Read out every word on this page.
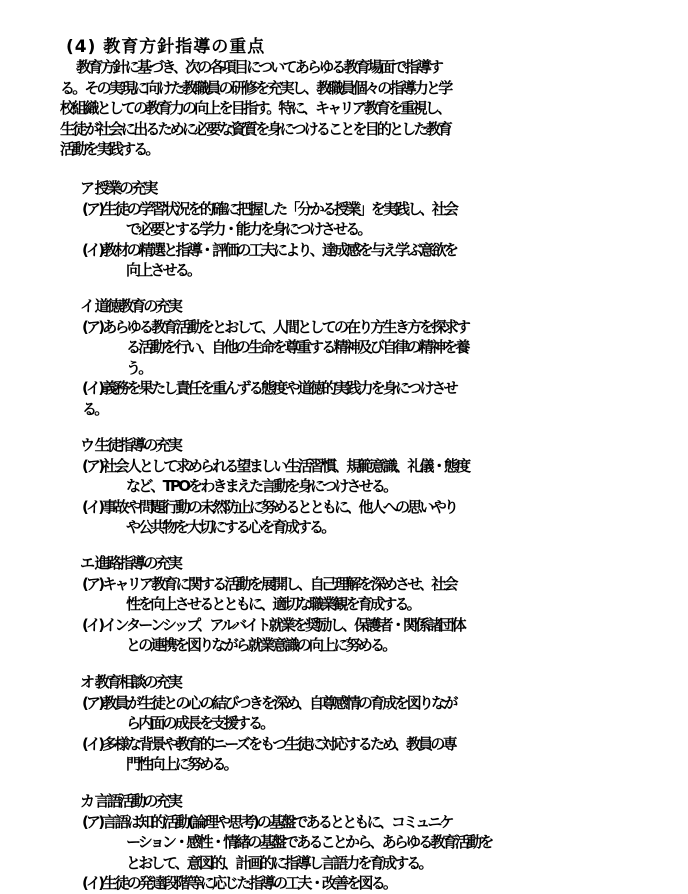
(4) 教育方針指導の重点
教育方針に基づき、次の各項目についてあらゆる教育場面で指導す
る。その実現に向けた教職員の研修を充実し、教職員個々の指導力と学
校組織としての教育力の向上を目指す。特に、キャリア教育を重視し、
生徒が社会に出るために必要な資質を身につけることを目的とした教育
活動を実践する。
ア 授業の充実
(ア)生徒の学習状況を的確に把握した「分かる授業」を実践し、社会
で必要とする学力・能力を身につけさせる。
(イ)教材の精選と指導・評価の工夫により、達成感を与え学ぶ意欲を
向上させる。
イ 道徳教育の充実
(ア)あらゆる教育活動をとおして、人間としての在り方生き方を探求す
る活動を行い、自他の生命を尊重する精神及び自律の精神を養
う。
(イ)義務を果たし責任を重んずる態度や道徳的実践力を身につけさせ
る。
ウ 生徒指導の充実
(ア)社会人として求められる望ましい生活習慣、規範意識、礼儀・態度
など、TPOをわきまえた言動を身につけさせる。
(イ)事故や問題行動の未然防止に努めるとともに、他人への思いやり
や公共物を大切にする心を育成する。
エ 進路指導の充実
(ア)キャリア教育に関する活動を展開し、自己理解を深めさせ、社会
性を向上させるとともに、適切な職業観を育成する。
(イ)インターンシップ、アルバイト就業を奨励し、保護者・関係諸団体
との連携を図りながら就業意識の向上に努める。
オ 教育相談の充実
(ア)教員が生徒との心の結びつきを深め、自尊感情の育成を図りなが
ら内面の成長を支援する。
(イ)多様な背景や教育的ニーズをもつ生徒に対応するため、教員の専
門性向上に努める。
カ 言語活動の充実
(ア)言語は知的活動(論理や思考)の基盤であるとともに、コミュニケ
ーション・感性・情緒の基盤であることから、あらゆる教育活動を
とおして、意図的、計画的に指導し言語力を育成する。
(イ)生徒の発達段階等に応じた指導の工夫・改善を図る。
